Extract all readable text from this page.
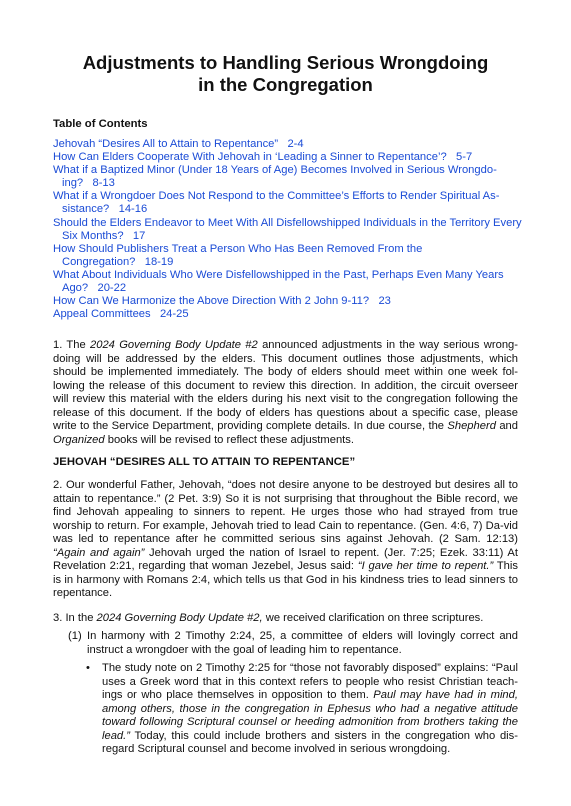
Adjustments to Handling Serious Wrongdoing
in the Congregation
Table of Contents

Jehovah “Desires All to Attain to Repentance” 2-4

How Can Elders Cooperate With Jehovah in ‘Leading a Sinner to Repentance’? 5-7

What if a Baptized Minor (Under 18 Years of Age) Becomes Involved in Serious Wrongdo-ing? 8-13

What if a Wrongdoer Does Not Respond to the Committee’s Efforts to Render Spiritual As-sistance? 14-16

Should the Elders Endeavor to Meet With All Disfellowshipped Individuals in the Territory Every Six Months? 17

How Should Publishers Treat a Person Who Has Been Removed From the Congregation? 18-19

What About Individuals Who Were Disfellowshipped in the Past, Perhaps Even Many Years Ago? 20-22

How Can We Harmonize the Above Direction With 2 John 9-11? 23

Appeal Committees 24-25

1. The 2024 Governing Body Update #2 announced adjustments in the way serious wrong-doing will be addressed by the elders. This document outlines those adjustments, which should be implemented immediately. The body of elders should meet within one week fol-lowing the release of this document to review this direction. In addition, the circuit overseer will review this material with the elders during his next visit to the congregation following the release of this document. If the body of elders has questions about a specific case, please write to the Service Department, providing complete details. In due course, the Shepherd and Organized books will be revised to reflect these adjustments.
JEHOVAH “DESIRES ALL TO ATTAIN TO REPENTANCE”
2. Our wonderful Father, Jehovah, “does not desire anyone to be destroyed but desires all to attain to repentance.” (2 Pet. 3:9) So it is not surprising that throughout the Bible record, we find Jehovah appealing to sinners to repent. He urges those who had strayed from true worship to return. For example, Jehovah tried to lead Cain to repentance. (Gen. 4:6, 7) Da-vid was led to repentance after he committed serious sins against Jehovah. (2 Sam. 12:13) “Again and again” Jehovah urged the nation of Israel to repent. (Jer. 7:25; Ezek. 33:11) At Revelation 2:21, regarding that woman Jezebel, Jesus said: “I gave her time to repent.” This is in harmony with Romans 2:4, which tells us that God in his kindness tries to lead sinners to repentance.
3. In the 2024 Governing Body Update #2, we received clarification on three scriptures.
(1) In harmony with 2 Timothy 2:24, 25, a committee of elders will lovingly correct and instruct a wrongdoer with the goal of leading him to repentance.
• The study note on 2 Timothy 2:25 for “those not favorably disposed” explains: “Paul uses a Greek word that in this context refers to people who resist Christian teach-ings or who place themselves in opposition to them. Paul may have had in mind, among others, those in the congregation in Ephesus who had a negative attitude toward following Scriptural counsel or heeding admonition from brothers taking the lead.” Today, this could include brothers and sisters in the congregation who dis-regard Scriptural counsel and become involved in serious wrongdoing.
